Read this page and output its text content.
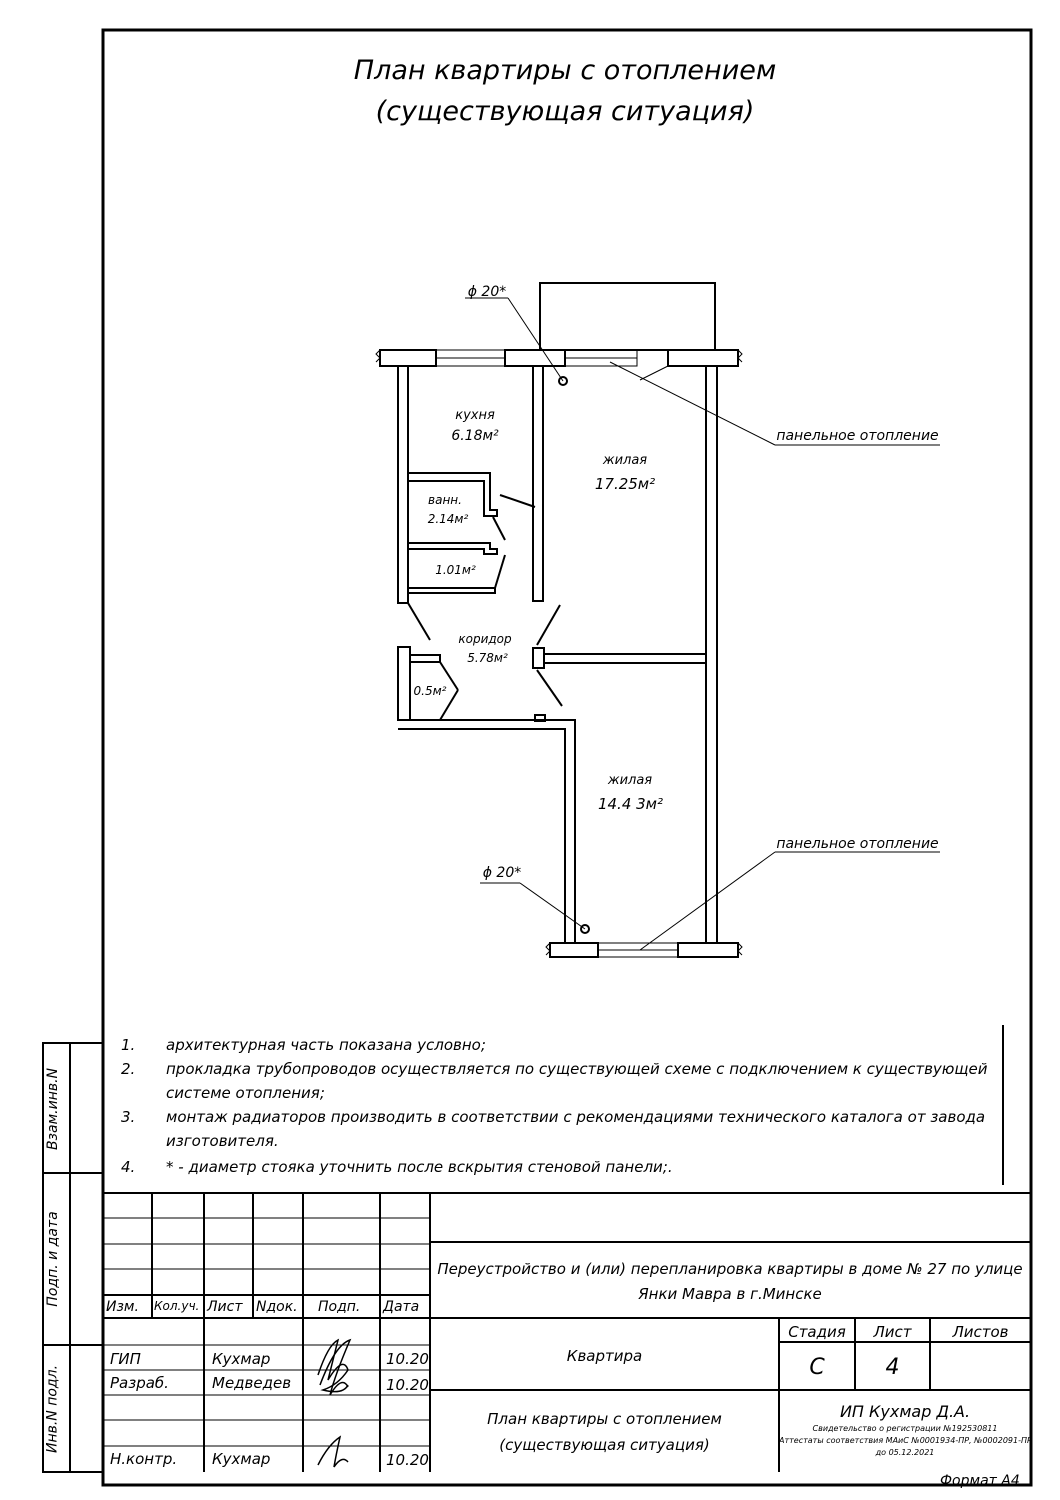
План квартиры с отоплением
(существующая ситуация)
кухня
6.18м²
жилая
17.25м²
ванн.
2.14м²
1.01м²
коридор
5.78м²
0.5м²
жилая
14.4 3м²
ϕ 20*
ϕ 20*
панельное отопление
панельное отопление
1. архитектурная часть показана условно;
2. прокладка трубопроводов осуществляется по существующей схеме с подключением к существующей
системе отопления;
3. монтаж радиаторов производить в соответствии с рекомендациями технического каталога от завода
изготовителя.
4. * - диаметр стояка уточнить после вскрытия стеновой панели;.
Взам.инв.N
Подп. и дата
Инв.N подл.
Изм. Кол.уч. Лист Nдок. Подп. Дата
ГИП	Кухмар	10.20
Разраб.	Медведев	10.20
Н.контр. Кухмар	10.20
Переустройство и (или) перепланировка квартиры в доме № 27 по улице
Янки Мавра в г.Минске
Квартира
Стадия	Лист	Листов
С	4
План квартиры с отоплением
(существующая ситуация)
ИП Кухмар Д.А.
Свидетельство о регистрации №192530811
Аттестаты соответствия МАиС №0001934-ПР, №0002091-ПР
до 05.12.2021
Формат А4
